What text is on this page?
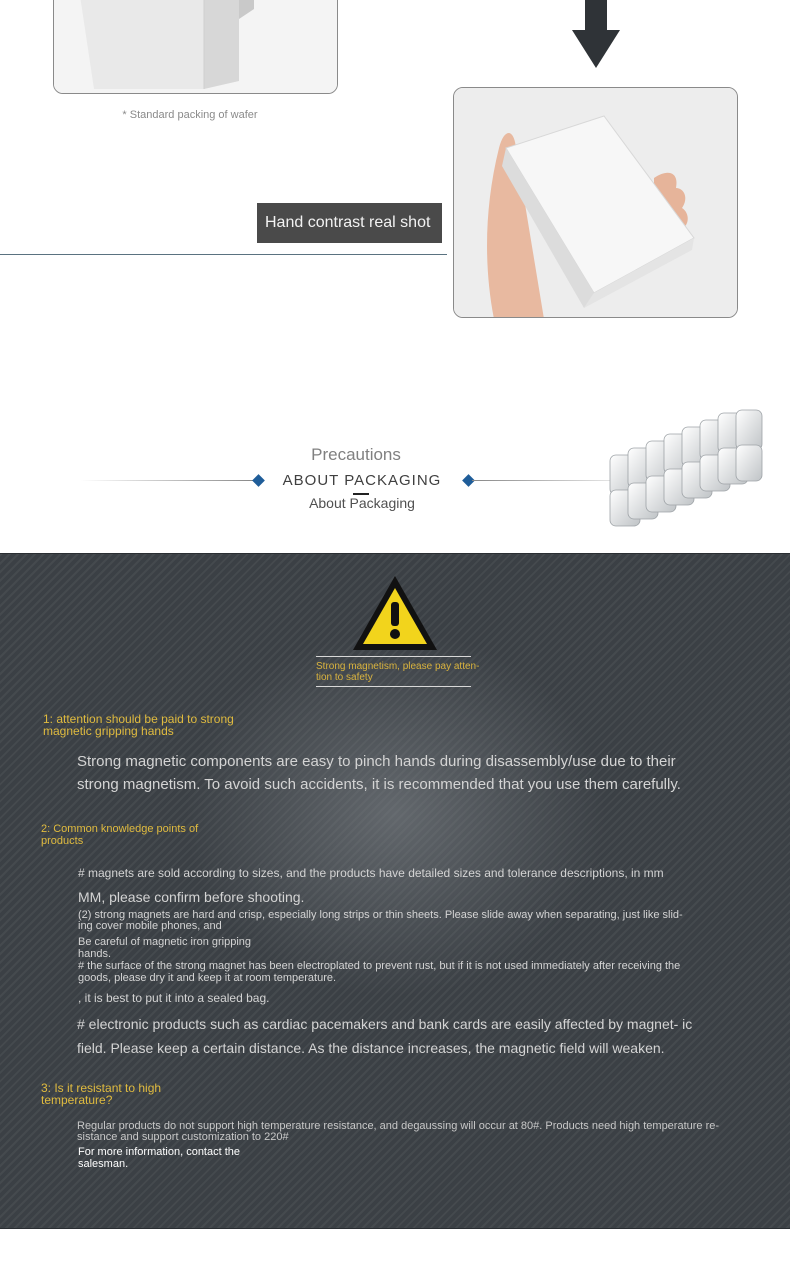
* Standard packing of wafer
Hand contrast real shot
Precautions
ABOUT PACKAGING
About Packaging
Strong magnetism, please pay atten- tion to safety
1: attention should be paid to strong magnetic gripping hands
Strong magnetic components are easy to pinch hands during disassembly/use due to their strong magnetism. To avoid such accidents, it is recommended that you use them carefully.
2: Common knowledge points of products
# magnets are sold according to sizes, and the products have detailed sizes and tolerance descriptions, in mm
MM, please confirm before shooting.
(2) strong magnets are hard and crisp, especially long strips or thin sheets. Please slide away when separating, just like slid- ing cover mobile phones, and
Be careful of magnetic iron gripping hands.
# the surface of the strong magnet has been electroplated to prevent rust, but if it is not used immediately after receiving the goods, please dry it and keep it at room temperature.
, it is best to put it into a sealed bag.
# electronic products such as cardiac pacemakers and bank cards are easily affected by magnet- ic field. Please keep a certain distance. As the distance increases, the magnetic field will weaken.
3: Is it resistant to high temperature?
Regular products do not support high temperature resistance, and degaussing will occur at 80#. Products need high temperature re- sistance and support customization to 220#
For more information, contact the salesman.
